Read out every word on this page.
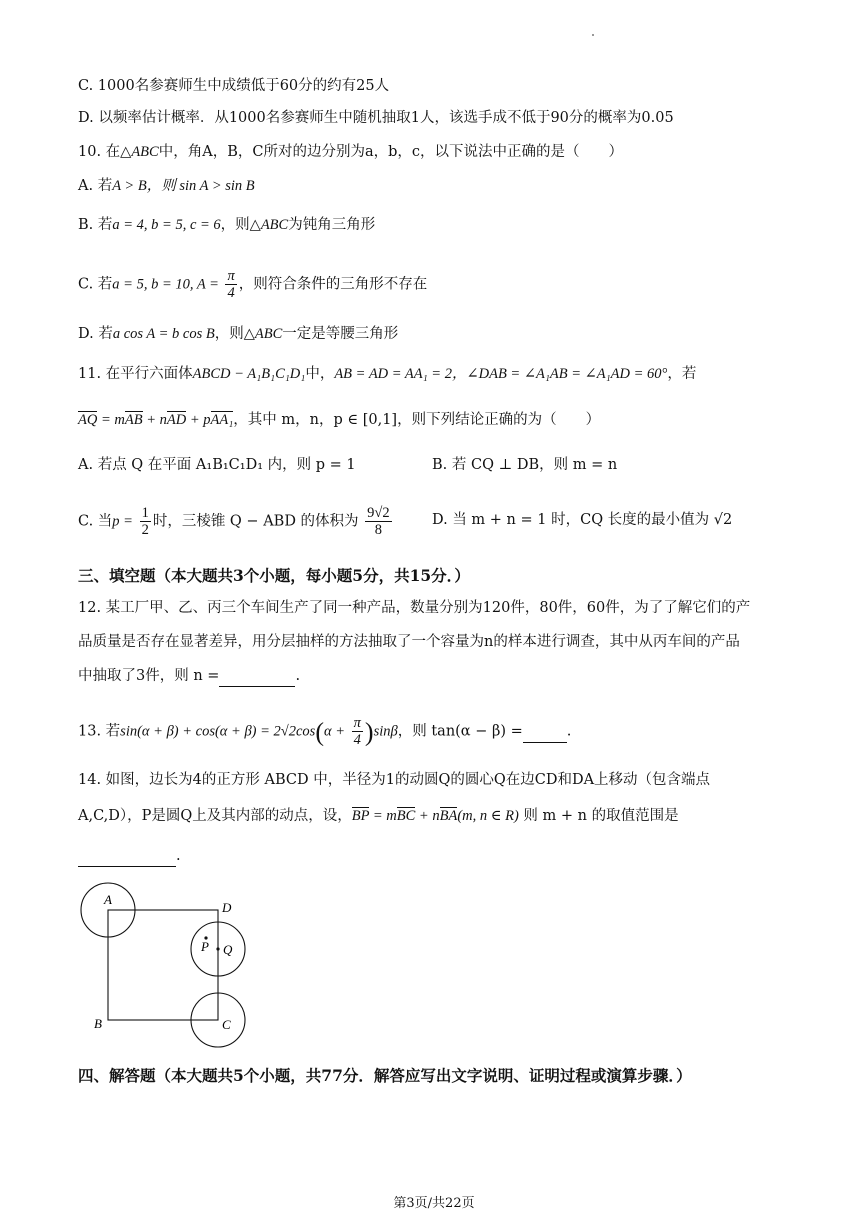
C. 1000名参赛师生中成绩低于60分的约有25人
D. 以频率估计概率．从1000名参赛师生中随机抽取1人，该选手成不低于90分的概率为0.05
10. 在△ABC中，角A，B，C所对的边分别为a，b，c，以下说法中正确的是（　　）
A. 若A > B，则 sin A > sin B
B. 若a = 4, b = 5, c = 6，则△ABC为钝角三角形
C. 若a = 5, b = 10, $A = \frac{\pi}{4}$ ，则符合条件的三角形不存在
D. 若a cos A = b cos B，则△ABC一定是等腰三角形
11. 在平行六面体ABCD − A₁B₁C₁D₁中，AB = AD = AA₁ = 2，∠DAB = ∠A₁AB = ∠A₁AD = 60°，若
AQ = mAB + nAD + pAA₁，其中 m，n，p ∈ [0,1]，则下列结论正确的为（　　）
A. 若点 Q 在平面 A₁B₁C₁D₁ 内，则 p = 1	B. 若 CQ ⊥ DB，则 m = n
C. 当$p = \frac{1}{2}$ 时，三棱锥 Q − ABD 的体积为 $\frac{9√2}{8}$	D. 当 m + n = 1 时，CQ 长度的最小值为 √2
三、填空题（本大题共3个小题，每小题5分，共15分．）
12. 某工厂甲、乙、丙三个车间生产了同一种产品，数量分别为120件，80件，60件，为了了解它们的产
品质量是否存在显著差异，用分层抽样的方法抽取了一个容量为n的样本进行调查，其中从丙车间的产品
中抽取了3件，则 n =	.
13. 若$\sin(\alpha + \beta) + \cos(\alpha + \beta) = 2√2\cos(\alpha + \frac{\pi}{4} )\sin\beta$，则 tan(α − β) =	.
14. 如图，边长为4的正方形 ABCD 中，半径为1的动圆Q的圆心Q在边CD和DA上移动（包含端点
A,C,D），P是圆Q上及其内部的动点，设，BP = mBC + nBA(m, n ∈ R) 则 m + n 的取值范围是
.
A
D
B	C
P Q
四、解答题（本大题共5个小题，共77分．解答应写出文字说明、证明过程或演算步骤．）
第3页/共22页
